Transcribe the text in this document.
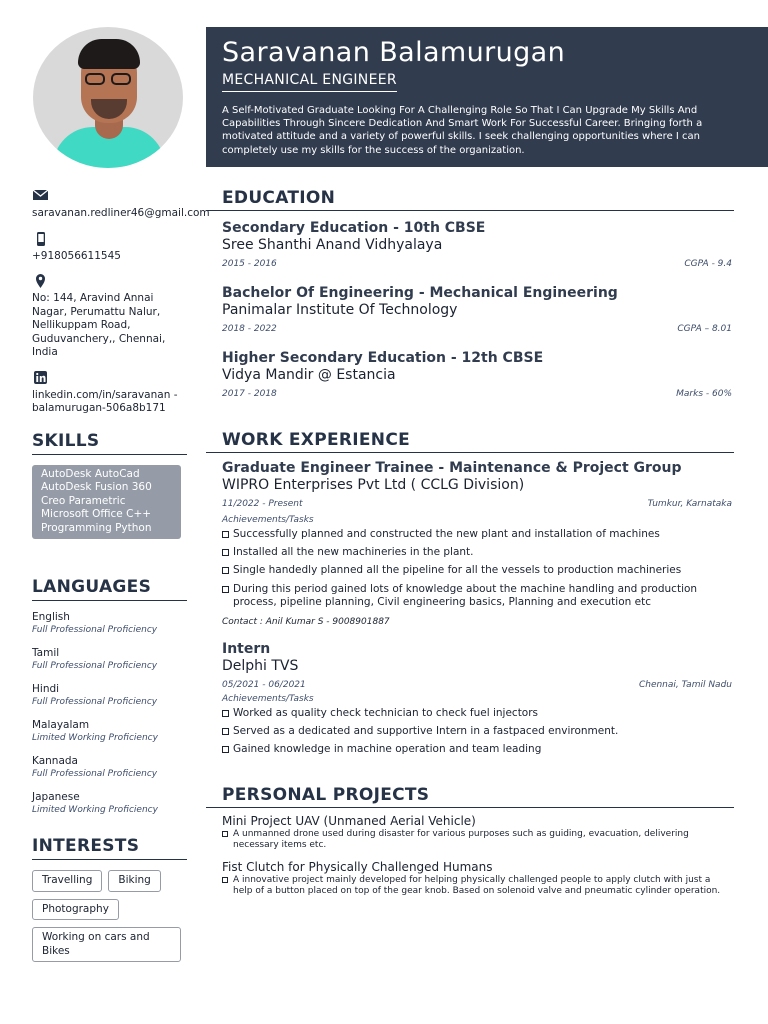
saravanan.redliner46@gmail.com
+918056611545
No: 144, Aravind Annai Nagar, Perumattu Nalur, Nellikuppam Road, Guduvanchery,, Chennai, India
linkedin.com/in/saravanan -balamurugan-506a8b171
SKILLS
AutoDesk AutoCad
AutoDesk Fusion 360
Creo Parametric
Microsoft Office C++
Programming Python
LANGUAGES
English
Full Professional Proficiency
Tamil
Full Professional Proficiency
Hindi
Full Professional Proficiency
Malayalam
Limited Working Proficiency
Kannada
Full Professional Proficiency
Japanese
Limited Working Proficiency
INTERESTS
Travelling	Biking
Photography
Working on cars and Bikes
Saravanan Balamurugan
MECHANICAL ENGINEER
A Self-Motivated Graduate Looking For A Challenging Role So That I Can Upgrade My Skills And Capabilities Through Sincere Dedication And Smart Work For Successful Career. Bringing forth a motivated attitude and a variety of powerful skills. I seek challenging opportunities where I can completely use my skills for the success of the organization.
EDUCATION
Secondary Education - 10th CBSE
Sree Shanthi Anand Vidhyalaya
2015 - 2016	CGPA - 9.4
Bachelor Of Engineering - Mechanical Engineering
Panimalar Institute Of Technology
2018 - 2022	CGPA – 8.01
Higher Secondary Education - 12th CBSE
Vidya Mandir @ Estancia
2017 - 2018	Marks - 60%
WORK EXPERIENCE
Graduate Engineer Trainee - Maintenance & Project Group
WIPRO Enterprises Pvt Ltd ( CCLG Division)
11/2022 - Present	Tumkur, Karnataka
Achievements/Tasks
Successfully planned and constructed the new plant and installation of machines
Installed all the new machineries in the plant.
Single handedly planned all the pipeline for all the vessels to production machineries
During this period gained lots of knowledge about the machine handling and production process, pipeline planning, Civil engineering basics, Planning and execution etc
Contact : Anil Kumar S - 9008901887
Intern
Delphi TVS
05/2021 - 06/2021	Chennai, Tamil Nadu
Achievements/Tasks
Worked as quality check technician to check fuel injectors
Served as a dedicated and supportive Intern in a fastpaced environment.
Gained knowledge in machine operation and team leading
PERSONAL PROJECTS
Mini Project UAV (Unmaned Aerial Vehicle)
A unmanned drone used during disaster for various purposes such as guiding, evacuation, delivering necessary items etc.
Fist Clutch for Physically Challenged Humans
A innovative project mainly developed for helping physically challenged people to apply clutch with just a help of a button placed on top of the gear knob. Based on solenoid valve and pneumatic cylinder operation.
